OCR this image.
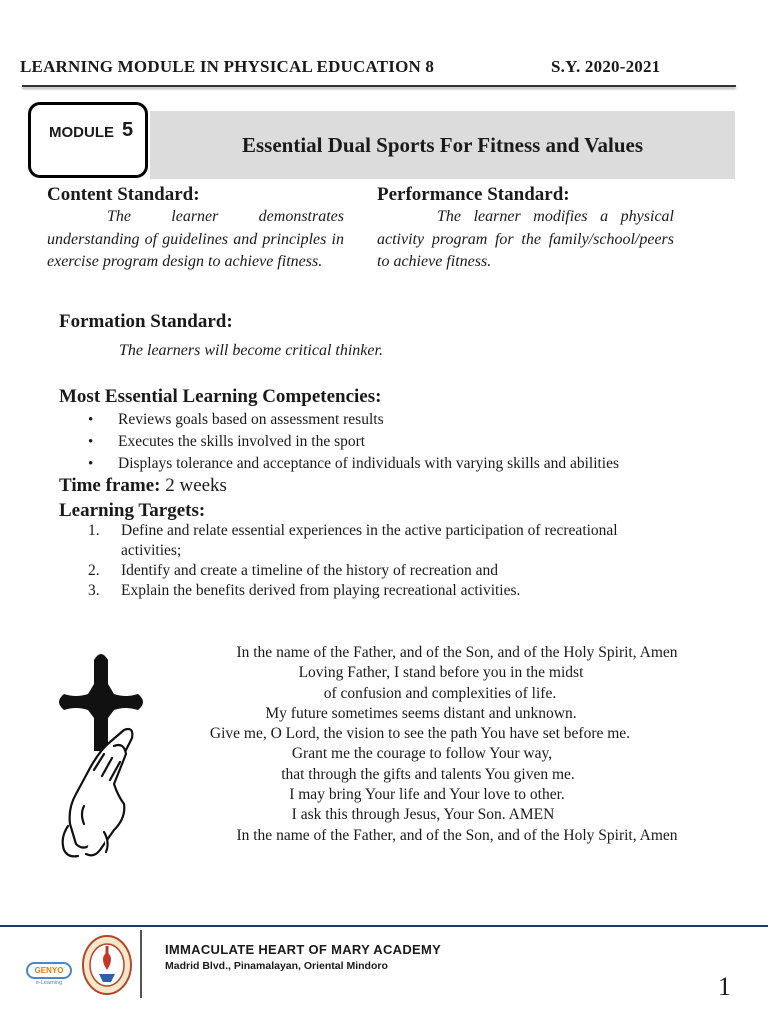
LEARNING MODULE IN PHYSICAL EDUCATION 8	S.Y. 2020-2021
Essential Dual Sports For Fitness and Values
MODULE 5
Content Standard:
The learner demonstrates understanding of guidelines and principles in exercise program design to achieve fitness.
Performance Standard:
The learner modifies a physical activity program for the family/school/peers to achieve fitness.
Formation Standard:
The learners will become critical thinker.
Most Essential Learning Competencies:
• Reviews goals based on assessment results
• Executes the skills involved in the sport
• Displays tolerance and acceptance of individuals with varying skills and abilities
Time frame: 2 weeks
Learning Targets:
1. Define and relate essential experiences in the active participation of recreational
activities;
2. Identify and create a timeline of the history of recreation and
3. Explain the benefits derived from playing recreational activities.
In the name of the Father, and of the Son, and of the Holy Spirit, Amen
Loving Father, I stand before you in the midst
of confusion and complexities of life.
My future sometimes seems distant and unknown.
Give me, O Lord, the vision to see the path You have set before me.
Grant me the courage to follow Your way,
that through the gifts and talents You given me.
I may bring Your life and Your love to other.
I ask this through Jesus, Your Son. AMEN
In the name of the Father, and of the Son, and of the Holy Spirit, Amen
GENYO
e-Learning
IMMACULATE HEART OF MARY ACADEMY
Madrid Blvd., Pinamalayan, Oriental Mindoro
1
